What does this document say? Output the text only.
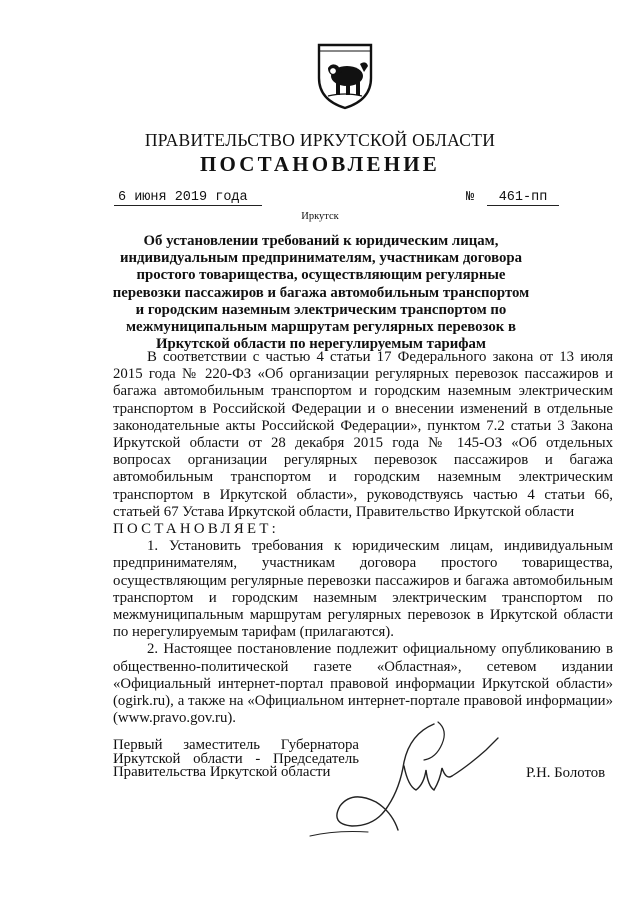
ПРАВИТЕЛЬСТВО ИРКУТСКОЙ ОБЛАСТИ
ПОСТАНОВЛЕНИЕ
6 июня 2019 года	№	461-пп
Иркутск
Об установлении требований к юридическим лицам, индивидуальным предпринимателям, участникам договора простого товарищества, осуществляющим регулярные перевозки пассажиров и багажа автомобильным транспортом и городским наземным электрическим транспортом по межмуниципальным маршрутам регулярных перевозок в Иркутской области по нерегулируемым тарифам

В соответствии с частью 4 статьи 17 Федерального закона от 13 июля 2015 года № 220-ФЗ «Об организации регулярных перевозок пассажиров и багажа автомобильным транспортом и городским наземным электрическим транспортом в Российской Федерации и о внесении изменений в отдельные законодательные акты Российской Федерации», пунктом 7.2 статьи 3 Закона Иркутской области от 28 декабря 2015 года № 145-ОЗ «Об отдельных вопросах организации регулярных перевозок пассажиров и багажа автомобильным транспортом и городским наземным электрическим транспортом в Иркутской области», руководствуясь частью 4 статьи 66, статьей 67 Устава Иркутской области, Правительство Иркутской области

ПОСТАНОВЛЯЕТ:

1. Установить требования к юридическим лицам, индивидуальным предпринимателям, участникам договора простого товарищества, осуществляющим регулярные перевозки пассажиров и багажа автомобильным транспортом и городским наземным электрическим транспортом по межмуниципальным маршрутам регулярных перевозок в Иркутской области по нерегулируемым тарифам (прилагаются).

2. Настоящее постановление подлежит официальному опубликованию в общественно-политической газете «Областная», сетевом издании «Официальный интернет-портал правовой информации Иркутской области» (ogirk.ru), а также на «Официальном интернет-портале правовой информации» (www.pravo.gov.ru).

Первый заместитель Губернатора
Иркутской области - Председатель
Правительства Иркутской области	Р.Н. Болотов
